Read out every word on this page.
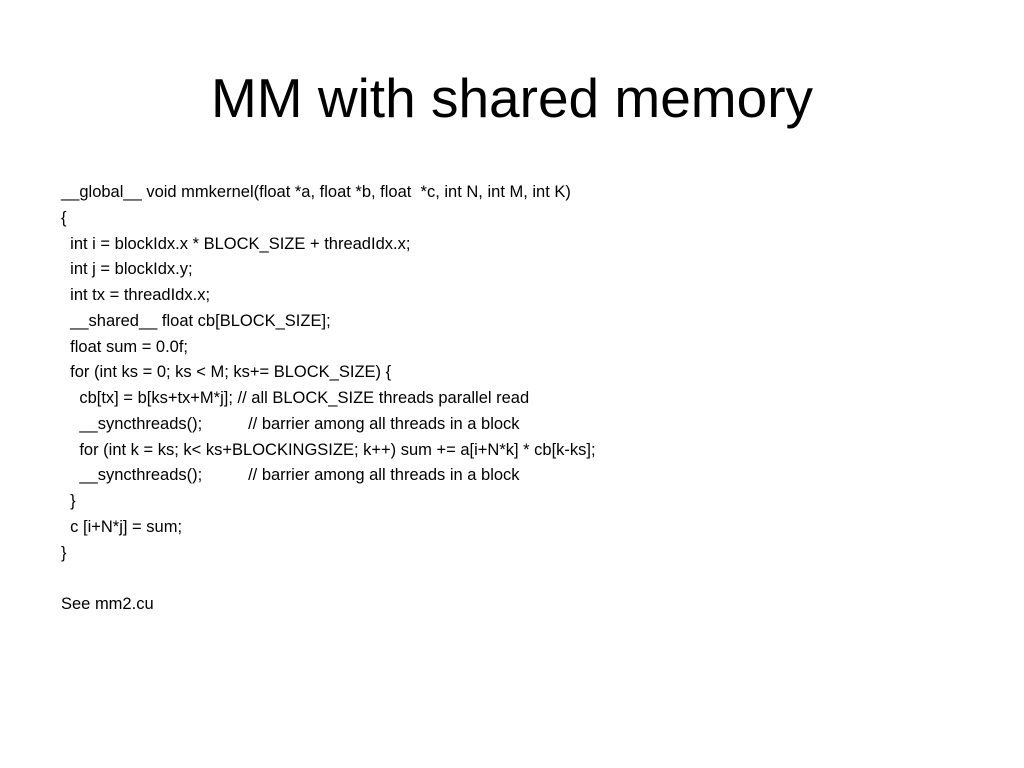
MM with shared memory
__global__ void mmkernel(float *a, float *b, float  *c, int N, int M, int K)
{
int i = blockIdx.x * BLOCK_SIZE + threadIdx.x;
int j = blockIdx.y;
int tx = threadIdx.x;
__shared__ float cb[BLOCK_SIZE];
float sum = 0.0f;
for (int ks = 0; ks < M; ks+= BLOCK_SIZE) {
cb[tx] = b[ks+tx+M*j]; // all BLOCK_SIZE threads parallel read
__syncthreads();          // barrier among all threads in a block
for (int k = ks; k< ks+BLOCKINGSIZE; k++) sum += a[i+N*k] * cb[k-ks];
__syncthreads();          // barrier among all threads in a block
}
c [i+N*j] = sum;
}
See mm2.cu
